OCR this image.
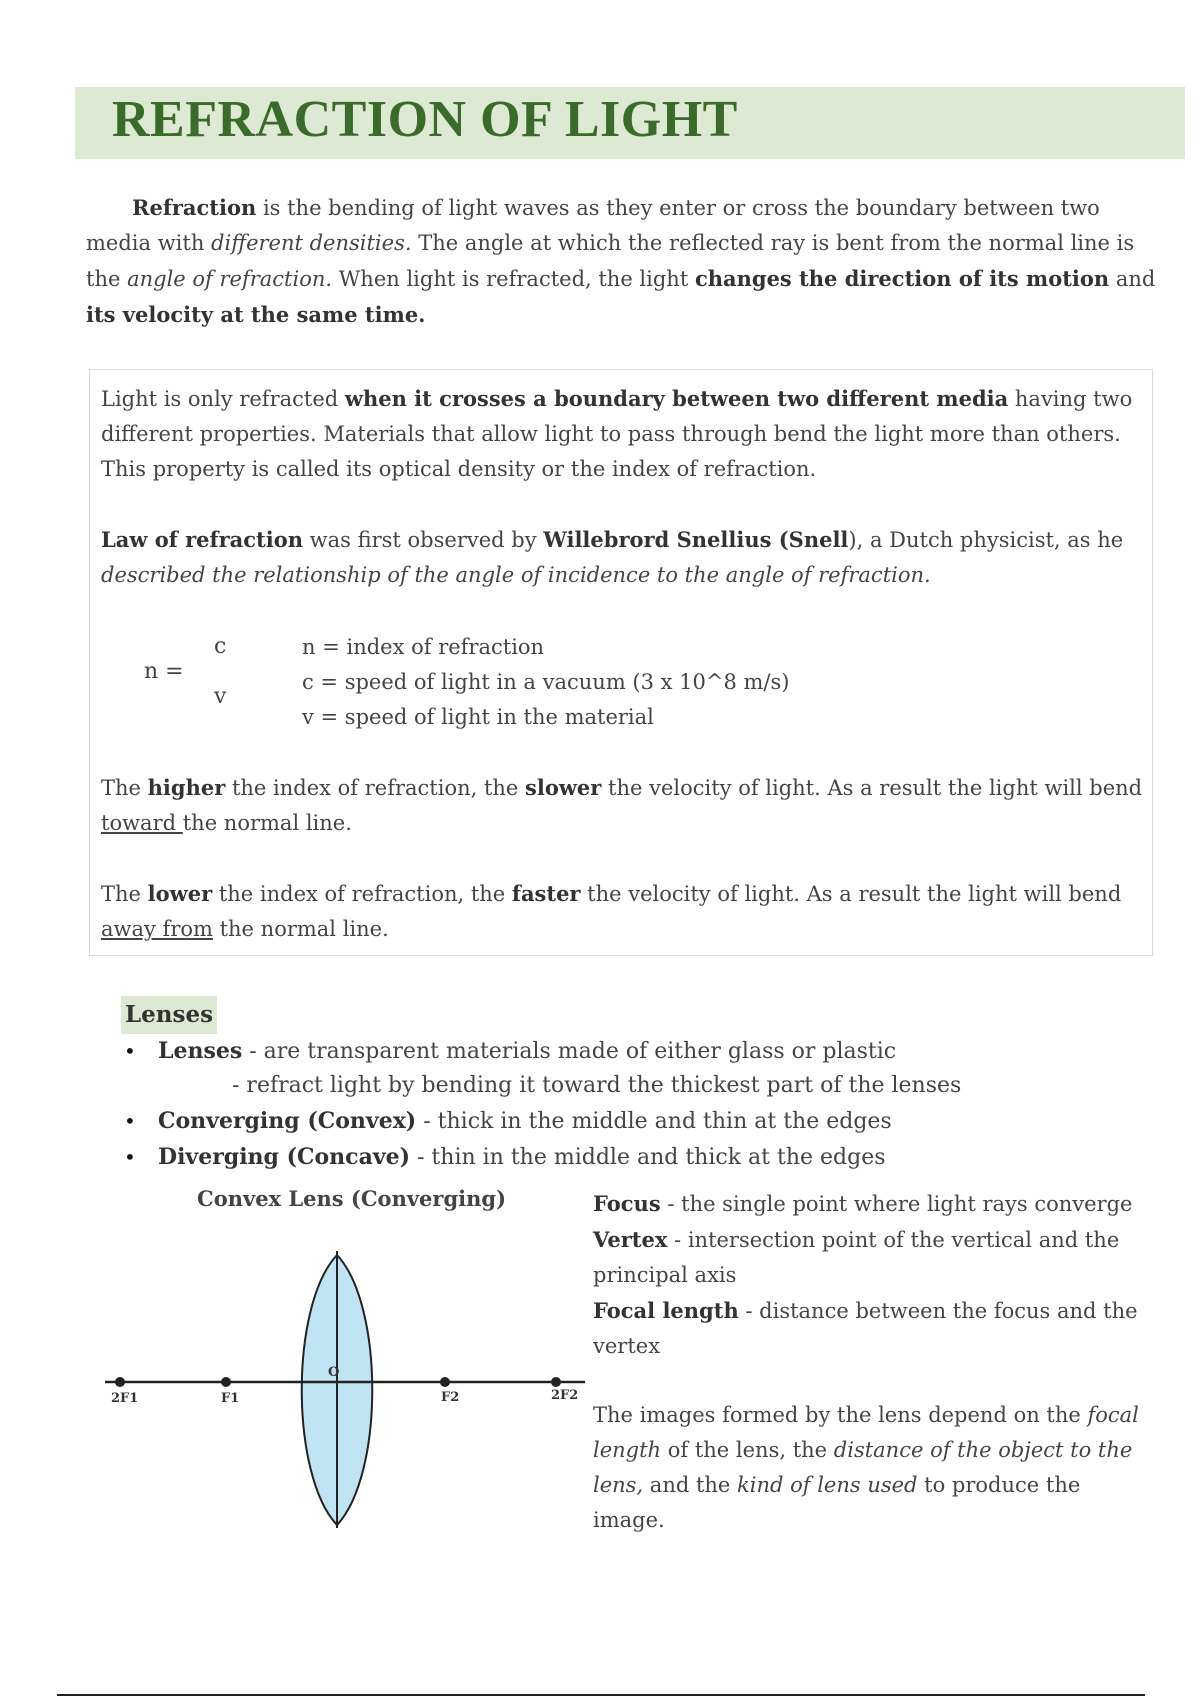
REFRACTION OF LIGHT

Refraction is the bending of light waves as they enter or cross the boundary between two media with different densities. The angle at which the reflected ray is bent from the normal line is the angle of refraction. When light is refracted, the light changes the direction of its motion and its velocity at the same time.

Light is only refracted when it crosses a boundary between two different media having two different properties. Materials that allow light to pass through bend the light more than others. This property is called its optical density or the index of refraction.

Law of refraction was first observed by Willebrord Snellius (Snell), a Dutch physicist, as he described the relationship of the angle of incidence to the angle of refraction.

n =

c

v

n = index of refraction
c = speed of light in a vacuum (3 x 10^8 m/s)
v = speed of light in the material

The higher the index of refraction, the slower the velocity of light. As a result the light will bend toward the normal line.

The lower the index of refraction, the faster the velocity of light. As a result the light will bend away from the normal line.

Lenses
• Lenses - are transparent materials made of either glass or plastic

- refract light by bending it toward the thickest part of the lenses

• Converging (Convex) - thick in the middle and thin at the edges
• Diverging (Concave) - thin in the middle and thick at the edges

Convex Lens (Converging)

2F1	F1
O
F2	2F2
Focus - the single point where light rays converge
Vertex - intersection point of the vertical and the principal axis
Focal length - distance between the focus and the vertex

The images formed by the lens depend on the focal length of the lens, the distance of the object to the lens, and the kind of lens used to produce the image.
